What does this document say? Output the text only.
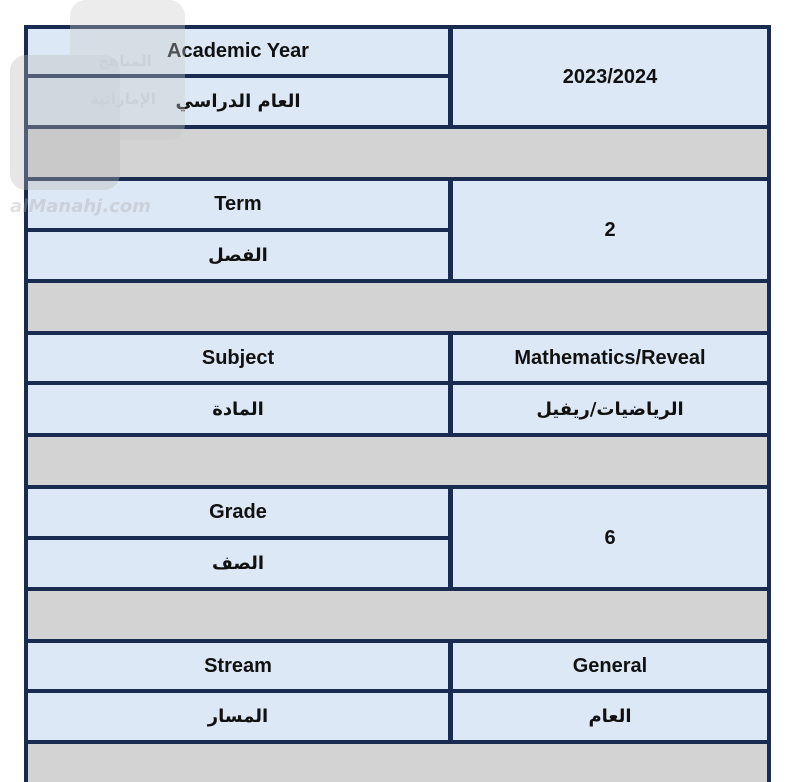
Academic Year
العام الدراسي
2023/2024
Term
الفصل
2
Subject
المادة
Mathematics/Reveal
الرياضيات/ريفيل
Grade
الصف
6
Stream
المسار
General
العام
المناهج
الإماراتية
alManahj.com
